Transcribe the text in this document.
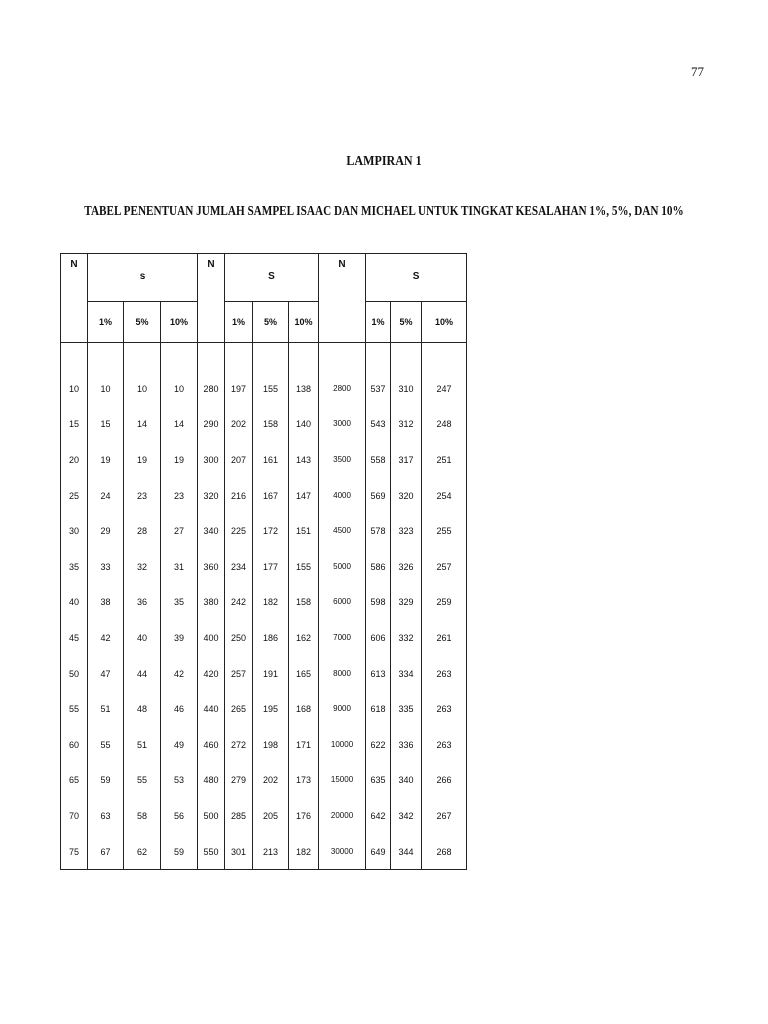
77
LAMPIRAN 1
TABEL PENENTUAN JUMLAH SAMPEL ISAAC DAN MICHAEL UNTUK TINGKAT KESALAHAN 1%, 5%, DAN 10%
N	s			N	S			N	S		
	1%	5%	10%		1%	5%	10%		1%	5%	10%

10	10	10	10	280	197	155	138	2800	537	310	247
15	15	14	14	290	202	158	140	3000	543	312	248
20	19	19	19	300	207	161	143	3500	558	317	251
25	24	23	23	320	216	167	147	4000	569	320	254
30	29	28	27	340	225	172	151	4500	578	323	255
35	33	32	31	360	234	177	155	5000	586	326	257
40	38	36	35	380	242	182	158	6000	598	329	259
45	42	40	39	400	250	186	162	7000	606	332	261
50	47	44	42	420	257	191	165	8000	613	334	263
55	51	48	46	440	265	195	168	9000	618	335	263
60	55	51	49	460	272	198	171	10000	622	336	263
65	59	55	53	480	279	202	173	15000	635	340	266
70	63	58	56	500	285	205	176	20000	642	342	267
75	67	62	59	550	301	213	182	30000	649	344	268
